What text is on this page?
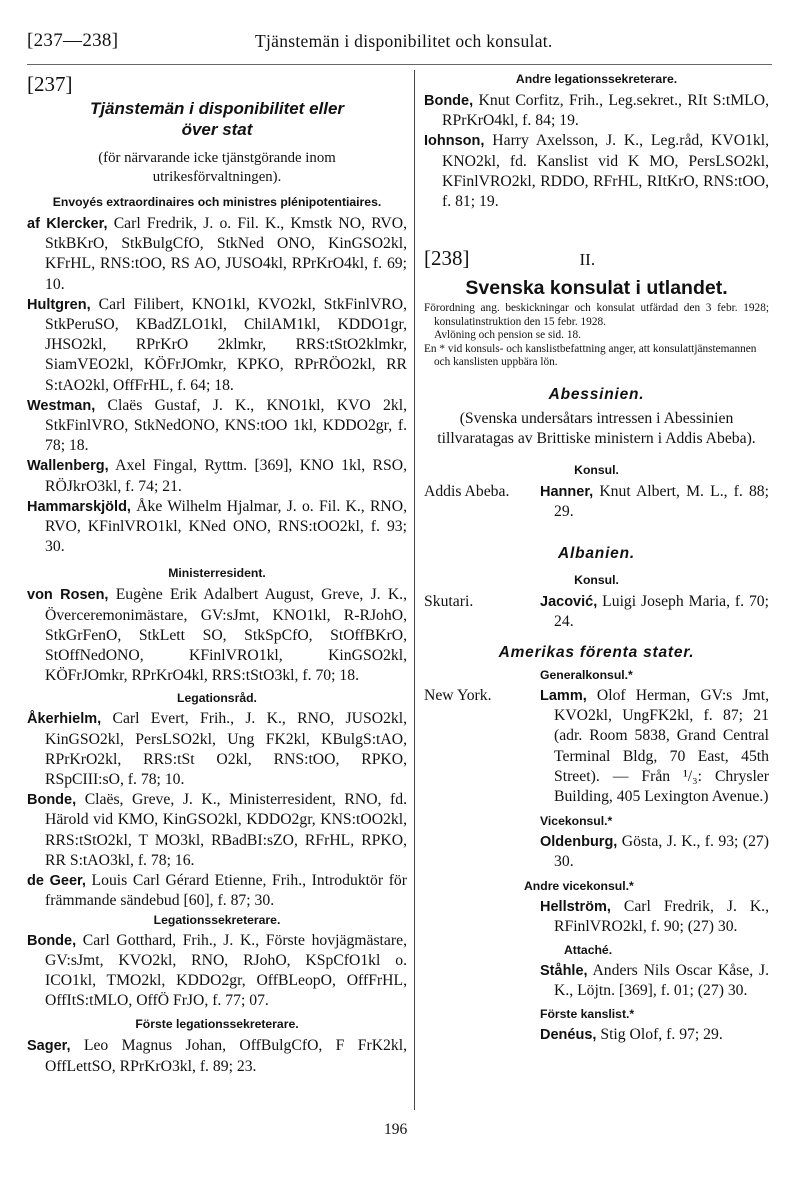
[237—238]	Tjänstemän i disponibilitet och konsulat.
[237]
Tjänstemän i disponibilitet eller
över stat
(för närvarande icke tjänstgörande inom utrikesförvaltningen).
Envoyés extraordinaires och ministres plénipotentiaires.
af Klercker, Carl Fredrik, J. o. Fil. K., Kmstk NO, RVO, StkBKrO, StkBulgCfO, StkNed ONO, KinGSO2kl, KFrHL, RNS:tOO, RS AO, JUSO4kl, RPrKrO4kl, f. 69; 10.
Hultgren, Carl Filibert, KNO1kl, KVO2kl, StkFinlVRO, StkPeruSO, KBadZLO1kl, ChilAM1kl, KDDO1gr, JHSO2kl, RPrKrO 2klmkr, RRS:tStO2klmkr, SiamVEO2kl, KÖFrJOmkr, KPKO, RPrRÖO2kl, RR S:tAO2kl, OffFrHL, f. 64; 18.
Westman, Claës Gustaf, J. K., KNO1kl, KVO 2kl, StkFinlVRO, StkNedONO, KNS:tOO 1kl, KDDO2gr, f. 78; 18.
Wallenberg, Axel Fingal, Ryttm. [369], KNO 1kl, RSO, RÖJkrO3kl, f. 74; 21.
Hammarskjöld, Åke Wilhelm Hjalmar, J. o. Fil. K., RNO, RVO, KFinlVRO1kl, KNed ONO, RNS:tOO2kl, f. 93; 30.
Ministerresident.
von Rosen, Eugène Erik Adalbert August, Greve, J. K., Överceremonimästare, GV:sJmt, KNO1kl, R-RJohO, StkGrFenO, StkLett SO, StkSpCfO, StOffBKrO, StOffNedONO, KFinlVRO1kl, KinGSO2kl, KÖFrJOmkr, RPrKrO4kl, RRS:tStO3kl, f. 70; 18.
Legationsråd.
Åkerhielm, Carl Evert, Frih., J. K., RNO, JUSO2kl, KinGSO2kl, PersLSO2kl, Ung FK2kl, KBulgS:tAO, RPrKrO2kl, RRS:tSt O2kl, RNS:tOO, RPKO, RSpCIII:sO, f. 78; 10.
Bonde, Claës, Greve, J. K., Ministerresident, RNO, fd. Härold vid KMO, KinGSO2kl, KDDO2gr, KNS:tOO2kl, RRS:tStO2kl, T MO3kl, RBadBI:sZO, RFrHL, RPKO, RR S:tAO3kl, f. 78; 16.
de Geer, Louis Carl Gérard Etienne, Frih., Introduktör för främmande sändebud [60], f. 87; 30.
Legationssekreterare.
Bonde, Carl Gotthard, Frih., J. K., Förste hovjägmästare, GV:sJmt, KVO2kl, RNO, RJohO, KSpCfO1kl o. ICO1kl, TMO2kl, KDDO2gr, OffBLeopO, OffFrHL, OffItS:tMLO, OffÖ FrJO, f. 77; 07.
Förste legationssekreterare.
Sager, Leo Magnus Johan, OffBulgCfO, F FrK2kl, OffLettSO, RPrKrO3kl, f. 89; 23.
Andre legationssekreterare.
Bonde, Knut Corfitz, Frih., Leg.sekret., RIt S:tMLO, RPrKrO4kl, f. 84; 19.
Iohnson, Harry Axelsson, J. K., Leg.råd, KVO1kl, KNO2kl, fd. Kanslist vid K MO, PersLSO2kl, KFinlVRO2kl, RDDO, RFrHL, RItKrO, RNS:tOO, f. 81; 19.
[238]	II.
Svenska konsulat i utlandet.
Förordning ang. beskickningar och konsulat utfärdad den 3 febr. 1928; konsulatinstruktion den 15 febr. 1928.
Avlöning och pension se sid. 18.
En * vid konsuls- och kanslistbefattning anger, att konsulattjänstemannen och kanslisten uppbära lön.
Abessinien.
(Svenska undersåtars intressen i Abessinien tillvaratagas av Brittiske ministern i Addis Abeba).
Konsul.
Addis Abeba.	Hanner, Knut Albert, M. L., f. 88; 29.
Albanien.
Konsul.
Skutari.	Jacović, Luigi Joseph Maria, f. 70; 24.
Amerikas förenta stater.
Generalkonsul.*
New York.	Lamm, Olof Herman, GV:s Jmt, KVO2kl, UngFK2kl, f. 87; 21 (adr. Room 5838, Grand Central Terminal Bldg, 70 East, 45th Street). — Från ¹/₃: Chrysler Building, 405 Lexington Avenue.)
Vicekonsul.*
Oldenburg, Gösta, J. K., f. 93; (27) 30.
Andre vicekonsul.*
Hellström, Carl Fredrik, J. K., RFinlVRO2kl, f. 90; (27) 30.
Attaché.
Ståhle, Anders Nils Oscar Kåse, J. K., Löjtn. [369], f. 01; (27) 30.
Förste kanslist.*
Denéus, Stig Olof, f. 97; 29.
196
